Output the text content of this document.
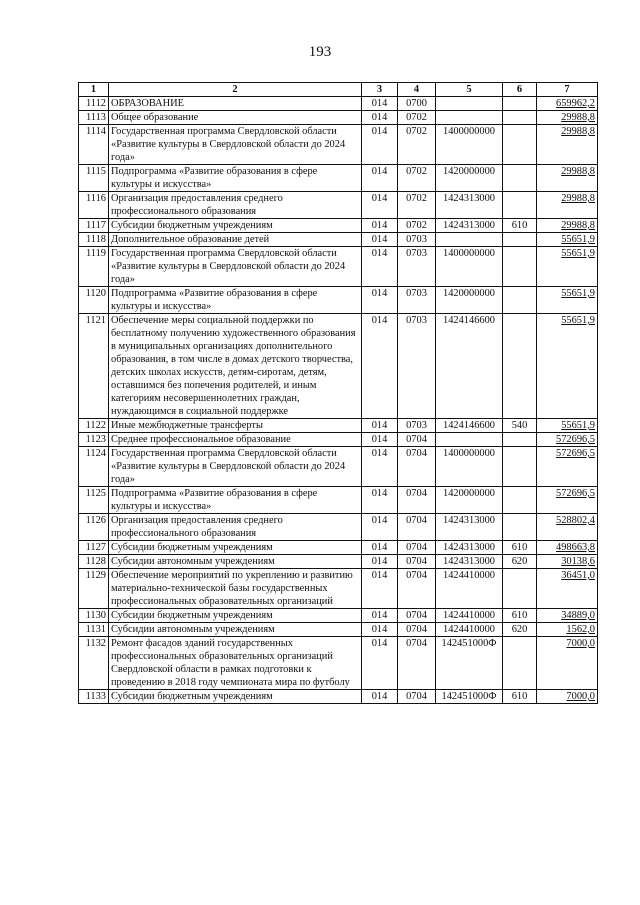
193
1	2	3	4	5	6	7
1112	ОБРАЗОВАНИЕ	014	0700			659962,2
1113	Общее образование	014	0702			29988,8
1114	Государственная программа Свердловской области «Развитие культуры в Свердловской области до 2024 года»	014	0702	1400000000		29988,8
1115	Подпрограмма «Развитие образования в сфере культуры и искусства»	014	0702	1420000000		29988,8
1116	Организация предоставления среднего профессионального образования	014	0702	1424313000		29988,8
1117	Субсидии бюджетным учреждениям	014	0702	1424313000	610	29988,8
1118	Дополнительное образование детей	014	0703			55651,9
1119	Государственная программа Свердловской области «Развитие культуры в Свердловской области до 2024 года»	014	0703	1400000000		55651,9
1120	Подпрограмма «Развитие образования в сфере культуры и искусства»	014	0703	1420000000		55651,9
1121	Обеспечение меры социальной поддержки по бесплатному получению художественного образования в муниципальных организациях дополнительного образования, в том числе в домах детского творчества, детских школах искусств, детям-сиротам, детям, оставшимся без попечения родителей, и иным категориям несовершеннолетних граждан, нуждающимся в социальной поддержке	014	0703	1424146600		55651,9
1122	Иные межбюджетные трансферты	014	0703	1424146600	540	55651,9
1123	Среднее профессиональное образование	014	0704			572696,5
1124	Государственная программа Свердловской области «Развитие культуры в Свердловской области до 2024 года»	014	0704	1400000000		572696,5
1125	Подпрограмма «Развитие образования в сфере культуры и искусства»	014	0704	1420000000		572696,5
1126	Организация предоставления среднего профессионального образования	014	0704	1424313000		528802,4
1127	Субсидии бюджетным учреждениям	014	0704	1424313000	610	498663,8
1128	Субсидии автономным учреждениям	014	0704	1424313000	620	30138,6
1129	Обеспечение мероприятий по укреплению и развитию материально-технической базы государственных профессиональных образовательных организаций	014	0704	1424410000		36451,0
1130	Субсидии бюджетным учреждениям	014	0704	1424410000	610	34889,0
1131	Субсидии автономным учреждениям	014	0704	1424410000	620	1562,0
1132	Ремонт фасадов зданий государственных профессиональных образовательных организаций Свердловской области в рамках подготовки к проведению в 2018 году чемпионата мира по футболу	014	0704	142451000Ф		7000,0
1133	Субсидии бюджетным учреждениям	014	0704	142451000Ф	610	7000,0
